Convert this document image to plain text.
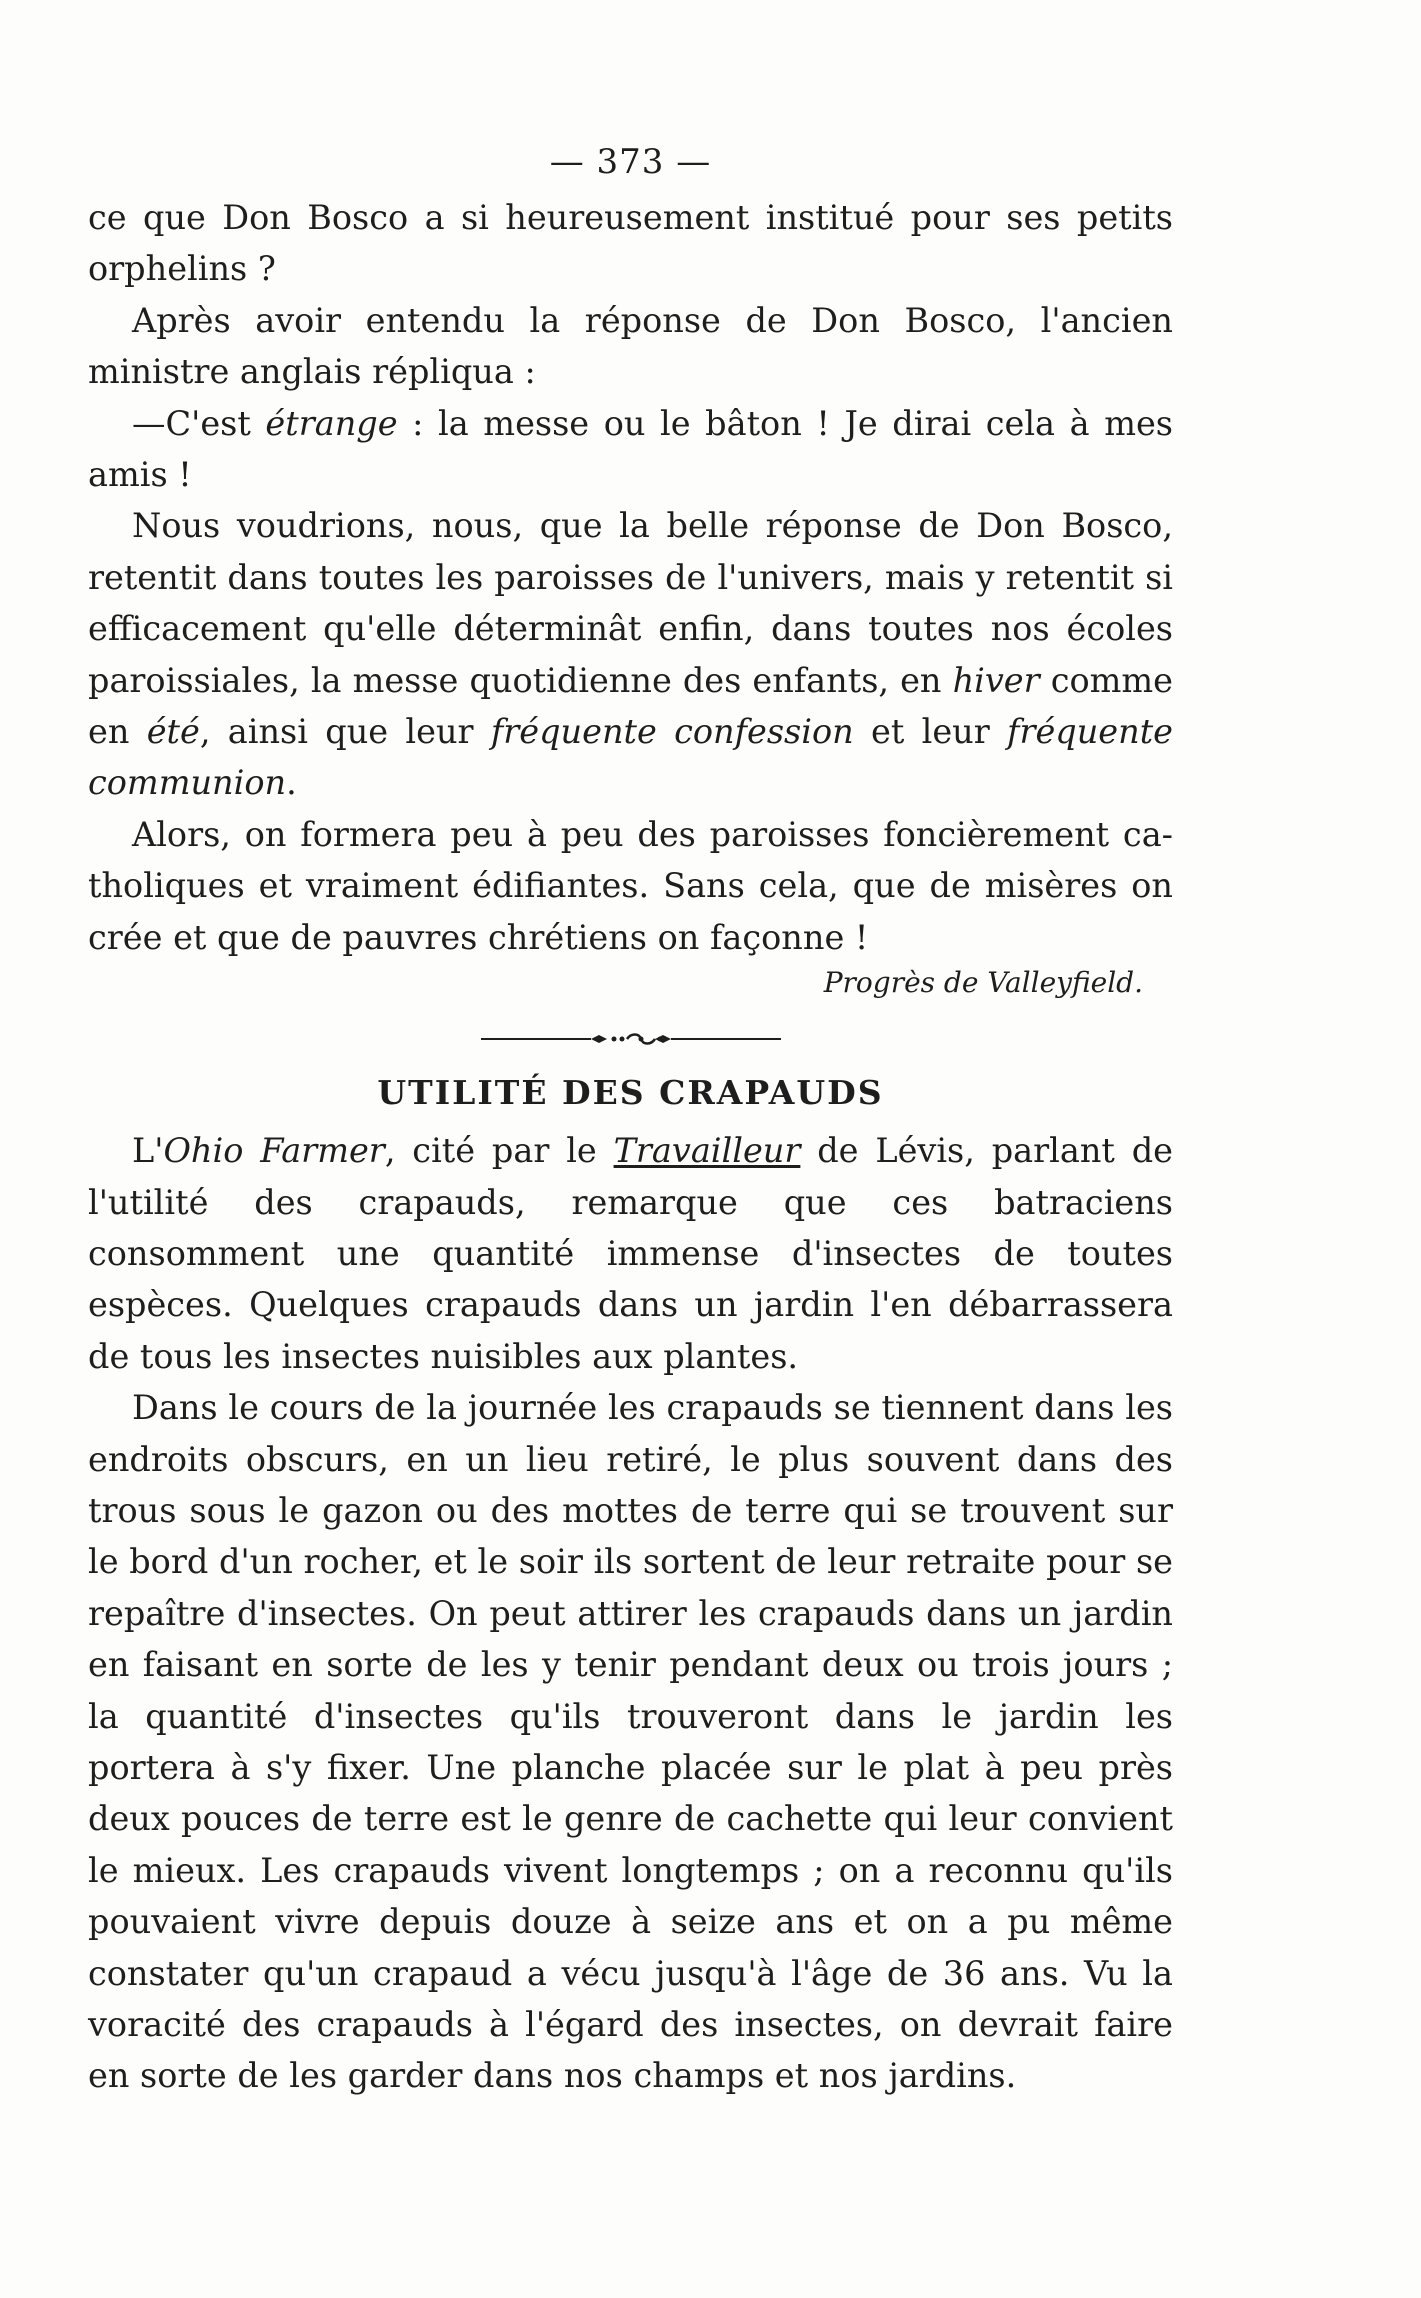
— 373 —

ce que Don Bosco a si heureusement institué pour ses petits orphelins ?

Après avoir entendu la réponse de Don Bosco, l'ancien ministre anglais répliqua :

—C'est étrange : la messe ou le bâton ! Je dirai cela à mes amis !

Nous voudrions, nous, que la belle réponse de Don Bosco, retentit dans toutes les paroisses de l'univers, mais y retentit si efficacement qu'elle déterminât enfin, dans toutes nos écoles paroissiales, la messe quotidienne des enfants, en hiver comme en été, ainsi que leur fréquente confession et leur fréquente communion.

Alors, on formera peu à peu des paroisses foncièrement catholiques et vraiment édifiantes. Sans cela, que de misères on crée et que de pauvres chrétiens on façonne !

Progrès de Valleyfield.
UTILITÉ DES CRAPAUDS

L'Ohio Farmer, cité par le Travailleur de Lévis, parlant de l'utilité des crapauds, remarque que ces batraciens consomment une quantité immense d'insectes de toutes espèces. Quelques crapauds dans un jardin l'en débarrassera de tous les insectes nuisibles aux plantes.

Dans le cours de la journée les crapauds se tiennent dans les endroits obscurs, en un lieu retiré, le plus souvent dans des trous sous le gazon ou des mottes de terre qui se trouvent sur le bord d'un rocher, et le soir ils sortent de leur retraite pour se repaître d'insectes. On peut attirer les crapauds dans un jardin en faisant en sorte de les y tenir pendant deux ou trois jours ; la quantité d'insectes qu'ils trouveront dans le jardin les portera à s'y fixer. Une planche placée sur le plat à peu près deux pouces de terre est le genre de cachette qui leur convient le mieux. Les crapauds vivent longtemps ; on a reconnu qu'ils pouvaient vivre depuis douze à seize ans et on a pu même constater qu'un crapaud a vécu jusqu'à l'âge de 36 ans. Vu la voracité des crapauds à l'égard des insectes, on devrait faire en sorte de les garder dans nos champs et nos jardins.
